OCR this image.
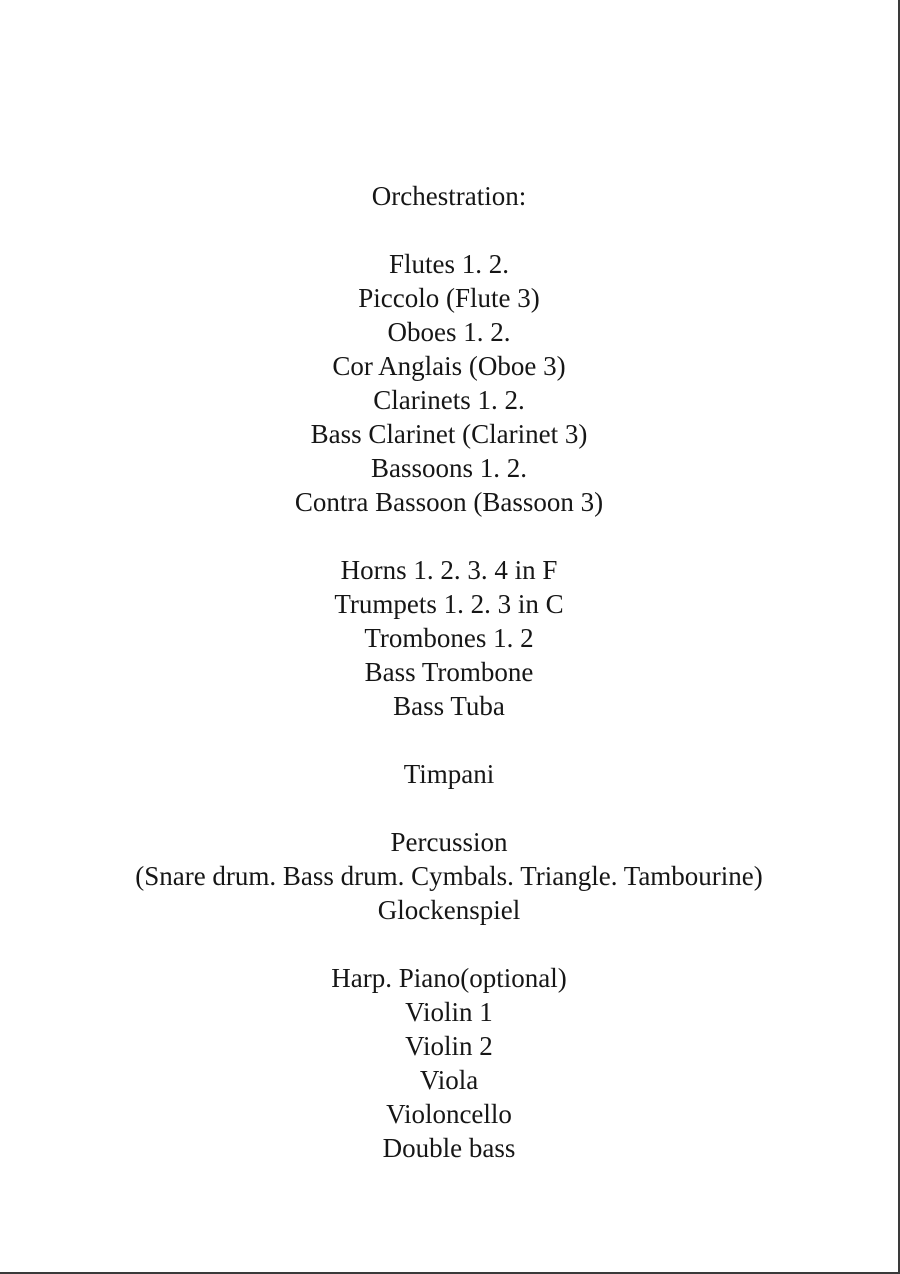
Orchestration:
Flutes 1. 2.
Piccolo (Flute 3)
Oboes 1. 2.
Cor Anglais (Oboe 3)
Clarinets 1. 2.
Bass Clarinet (Clarinet 3)
Bassoons 1. 2.
Contra Bassoon (Bassoon 3)
Horns 1. 2. 3. 4 in F
Trumpets 1. 2. 3 in C
Trombones 1. 2
Bass Trombone
Bass Tuba
Timpani
Percussion
(Snare drum. Bass drum. Cymbals. Triangle. Tambourine)
Glockenspiel
Harp. Piano(optional)
Violin 1
Violin 2
Viola
Violoncello
Double bass
